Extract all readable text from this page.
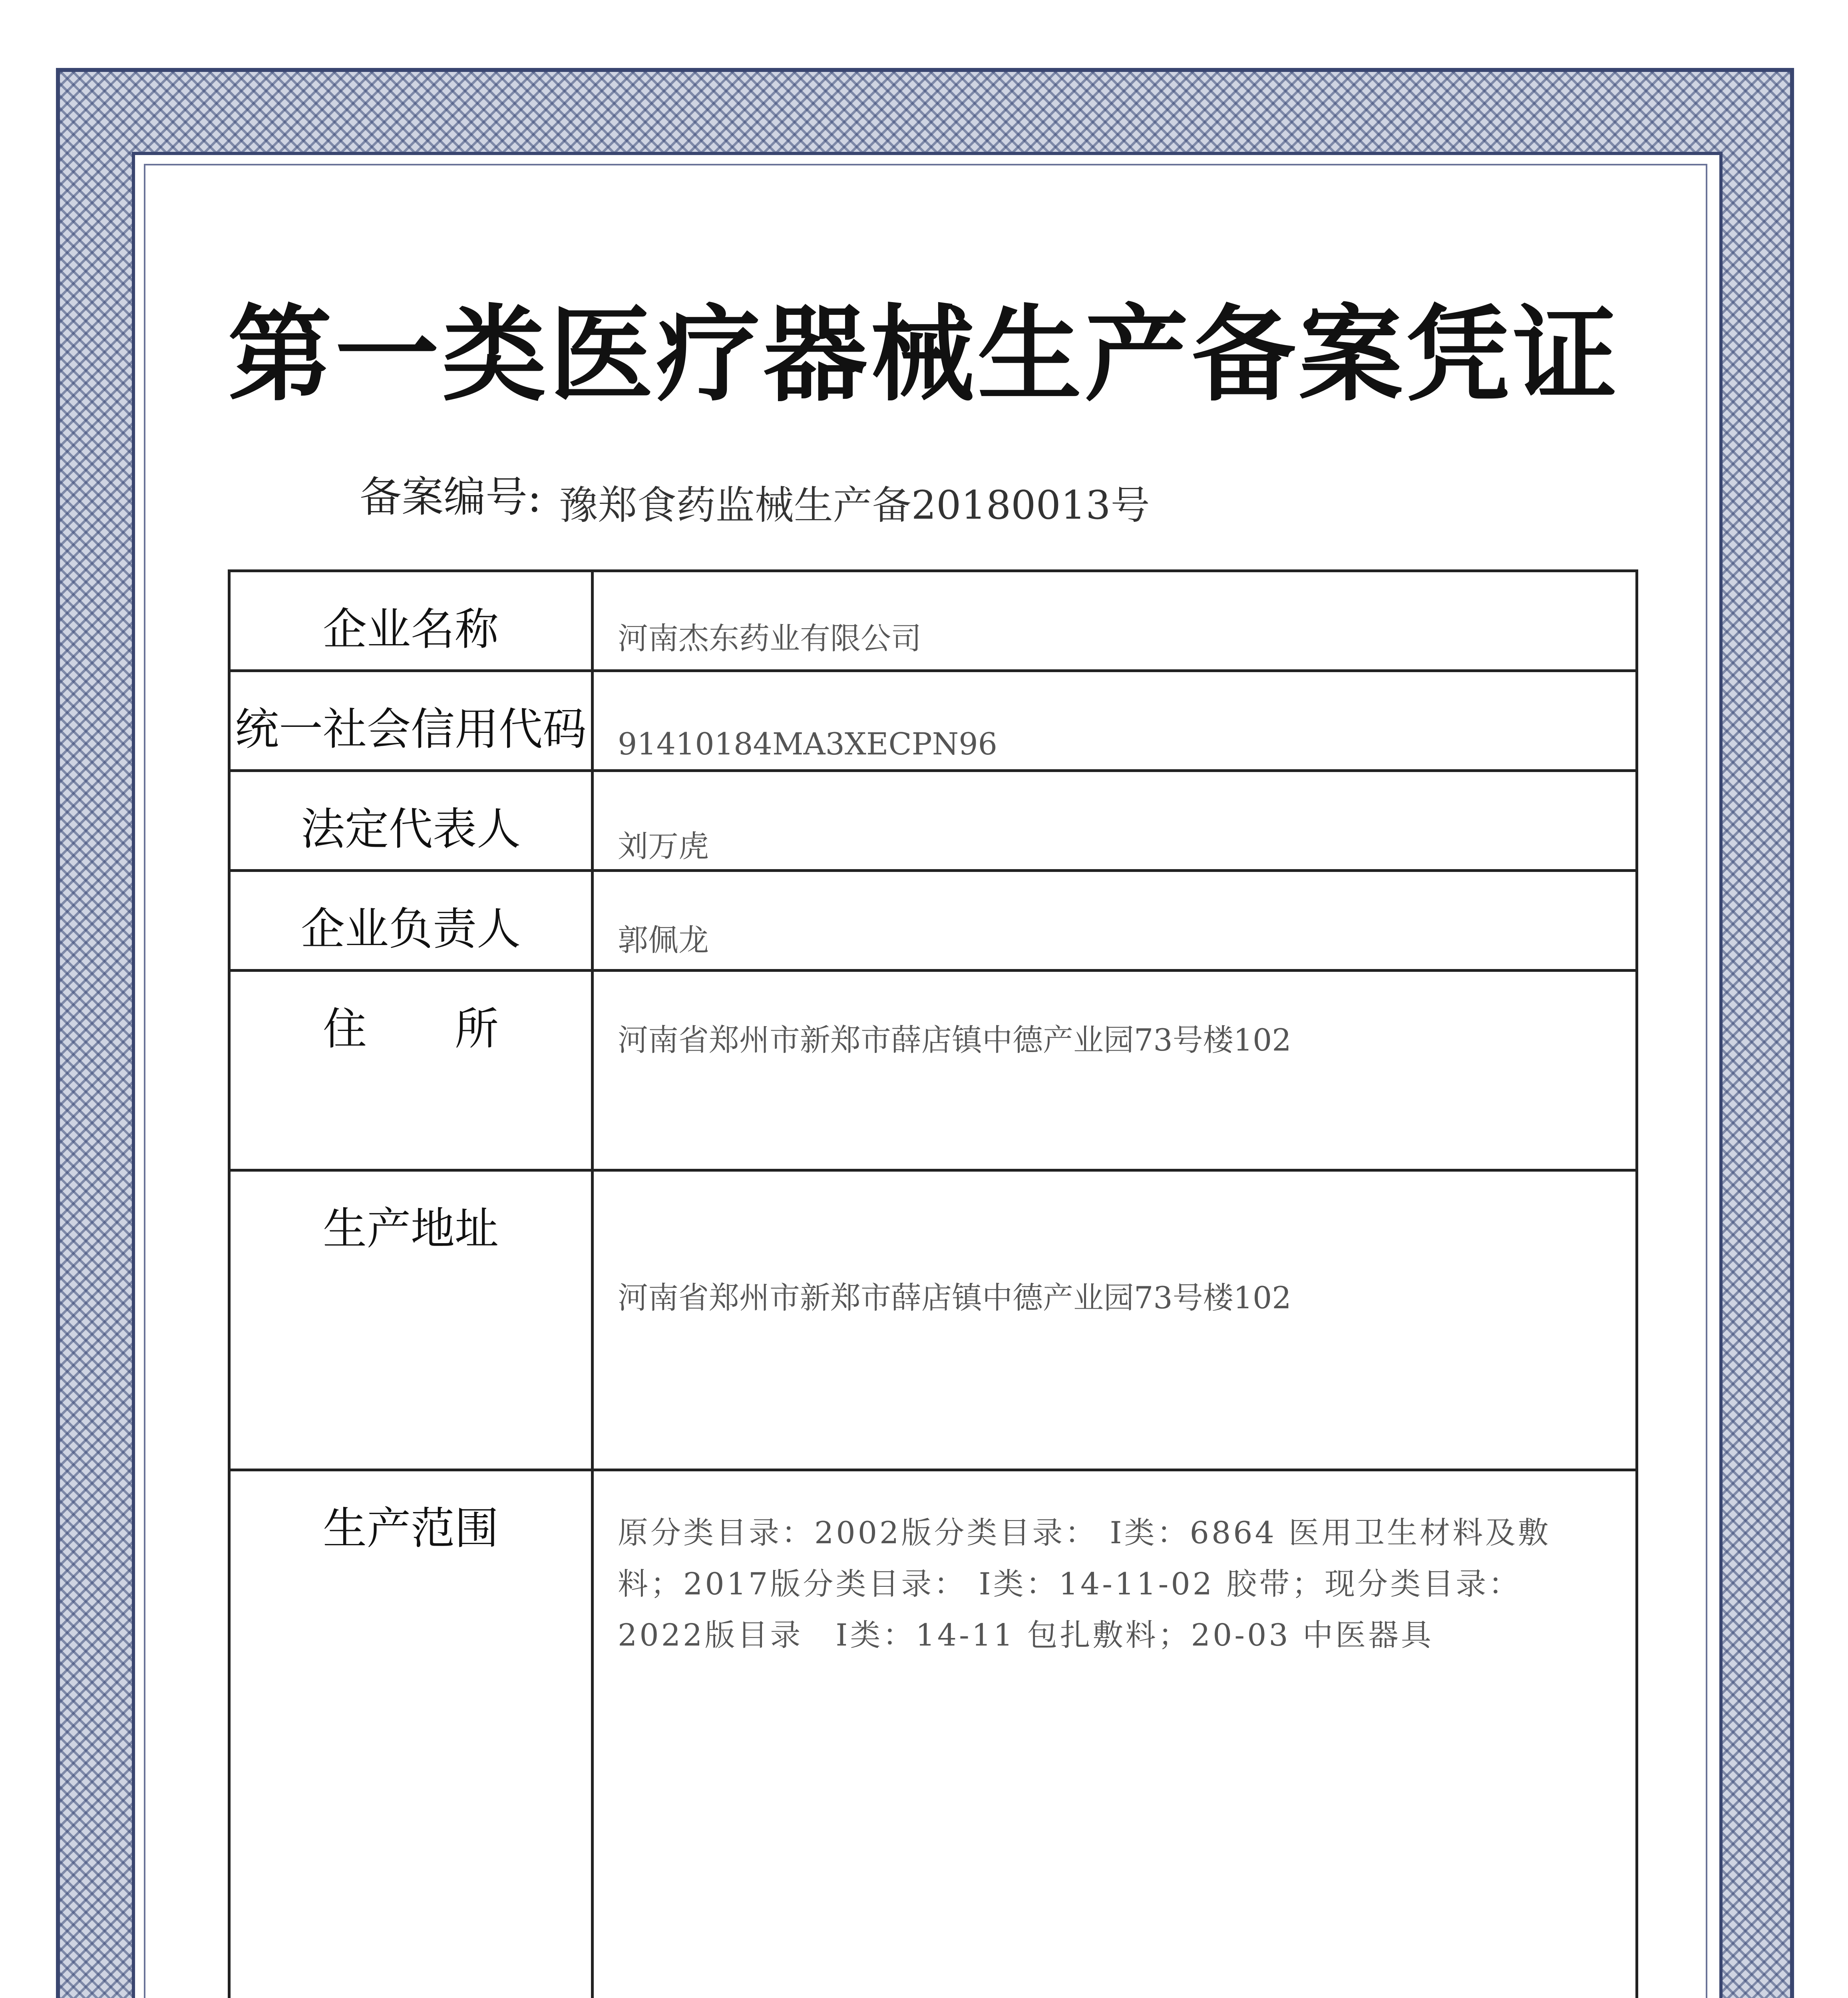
第一类医疗器械生产备案凭证
备案编号: 豫郑食药监械生产备20180013号
企业名称	河南杰东药业有限公司
统一社会信用代码	91410184MA3XECPN96
法定代表人	刘万虎
企业负责人	郭佩龙
住　　所	河南省郑州市新郑市薛店镇中德产业园73号楼102
生产地址	河南省郑州市新郑市薛店镇中德产业园73号楼102
生产范围	原分类目录：2002版分类目录： Ⅰ类：6864 医用卫生材料及敷料；2017版分类目录： Ⅰ类：14-11-02 胶带；现分类目录：2022版目录　Ⅰ类：14-11 包扎敷料；20-03 中医器具
